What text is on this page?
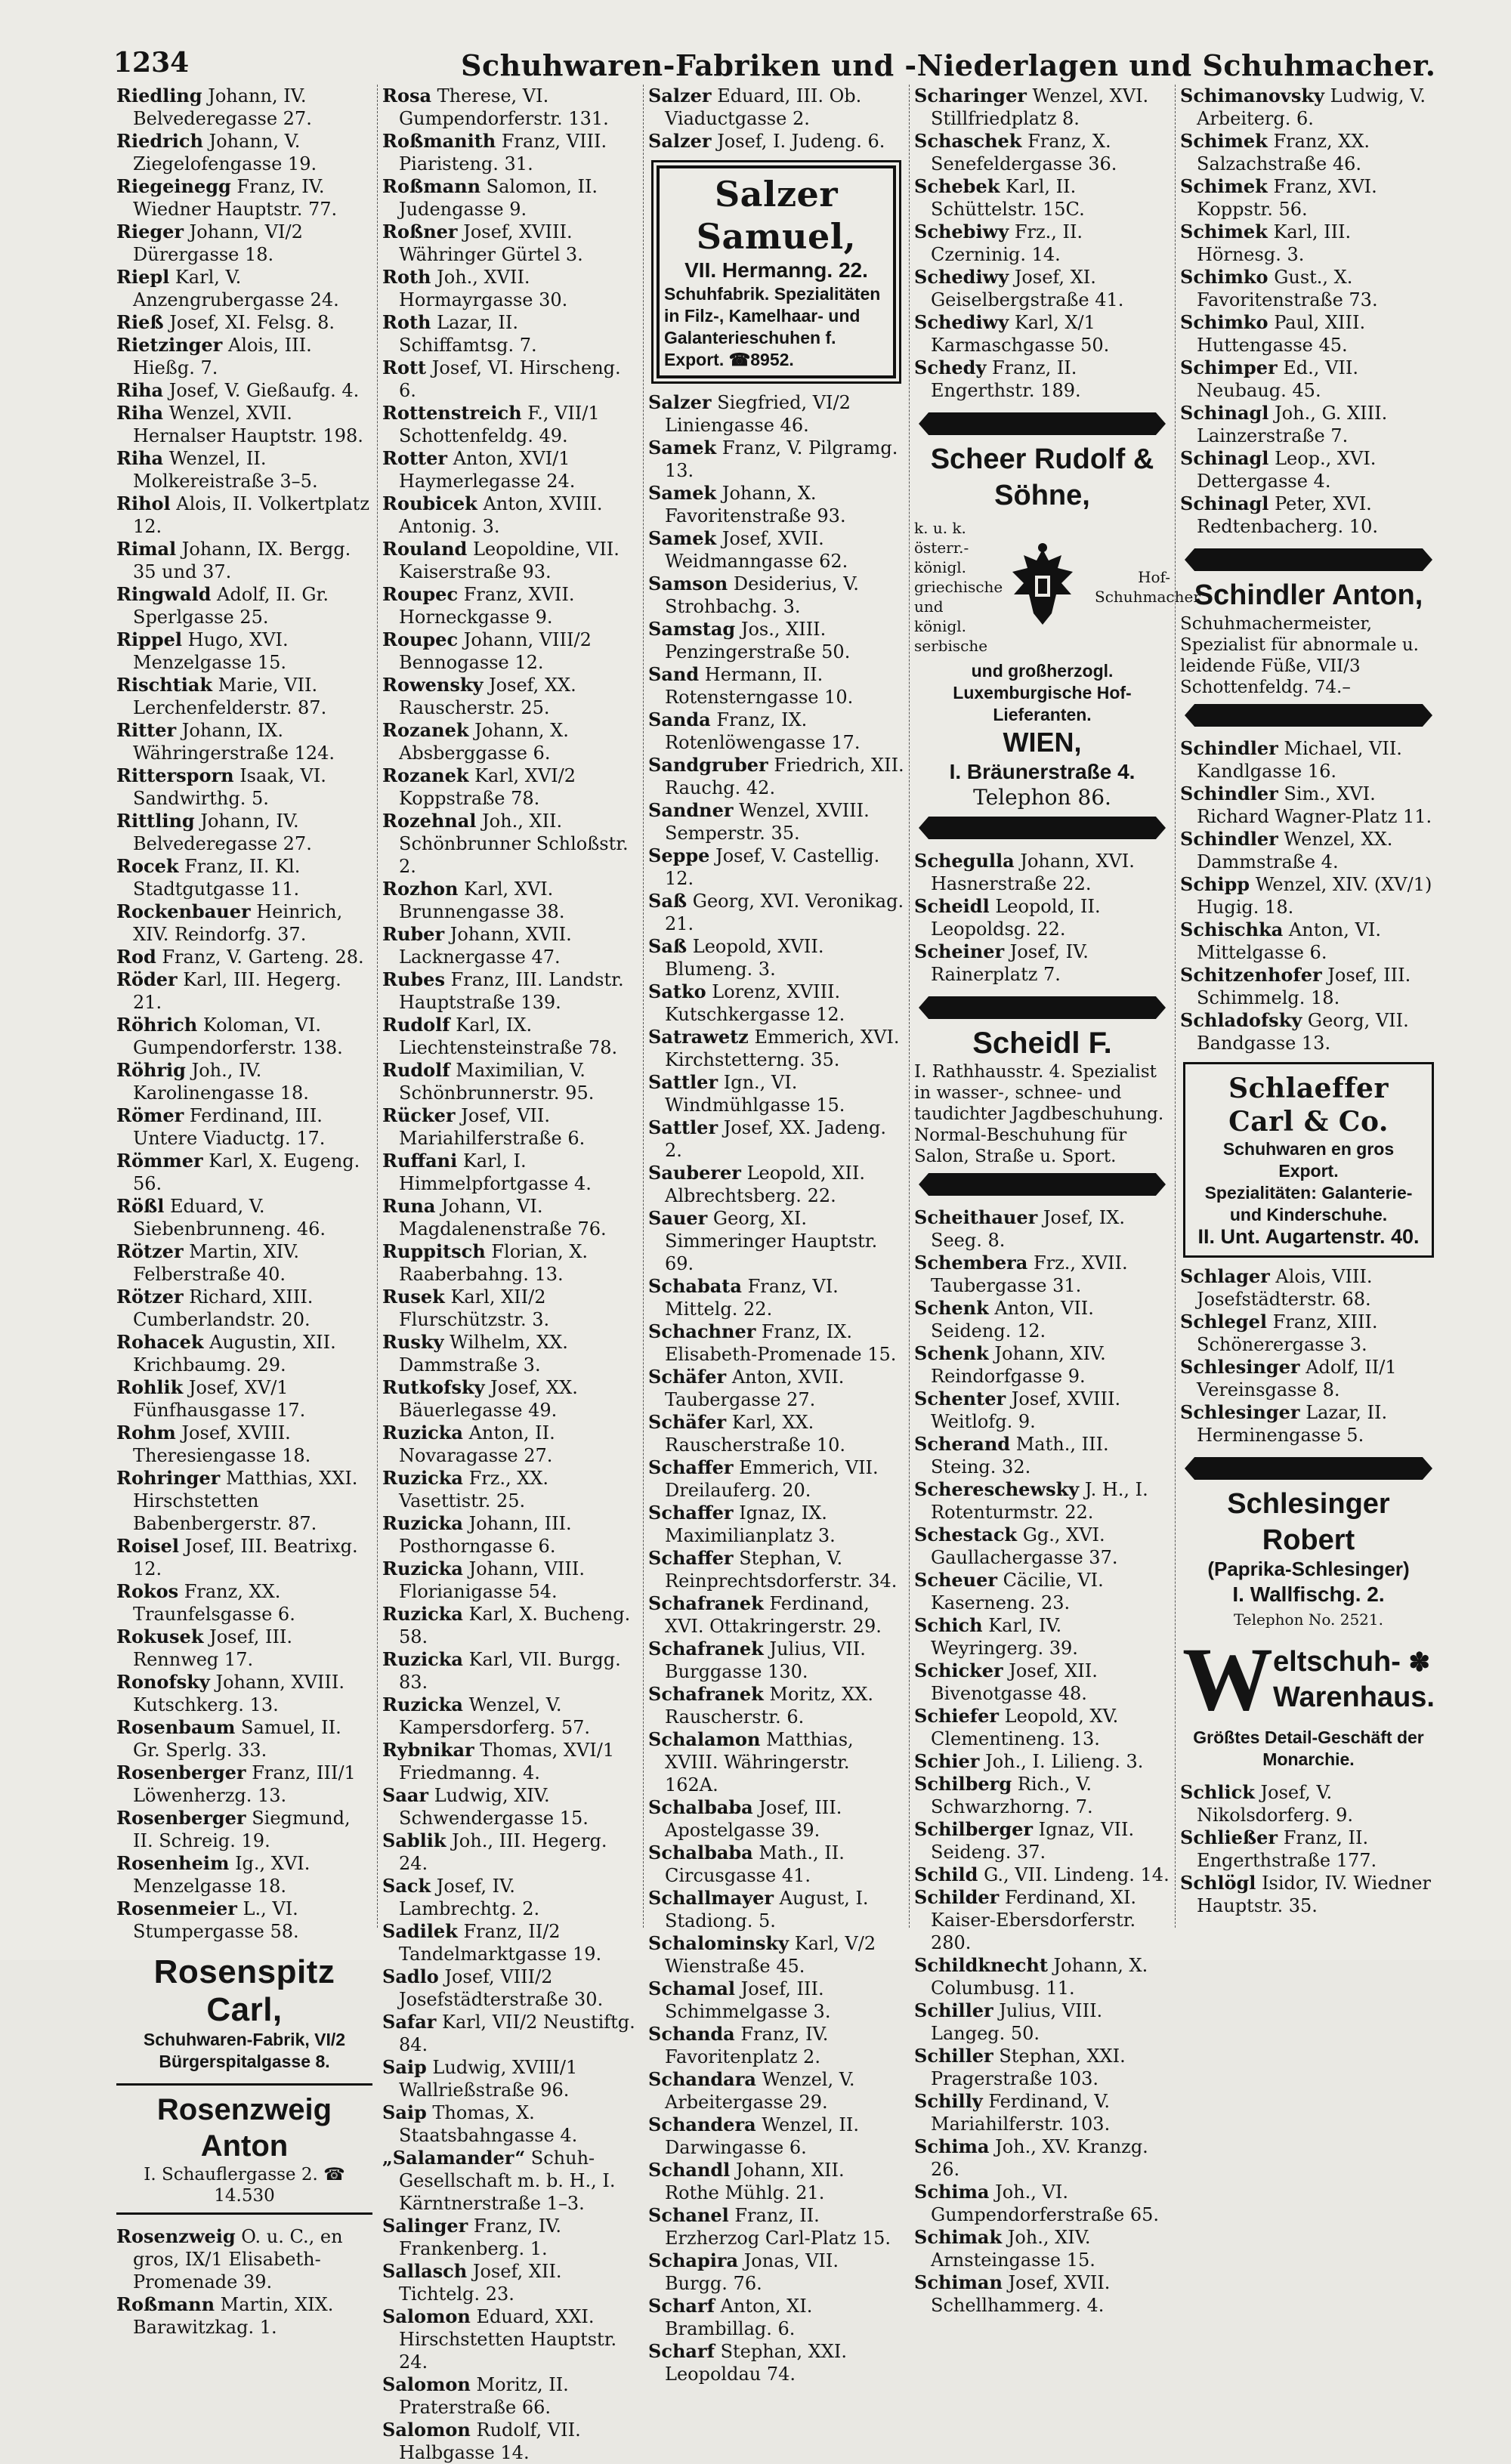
1234	Schuhwaren-Fabriken und -Niederlagen und Schuhmacher.

Riedling Johann, IV. Belvederegasse 27.

Riedrich Johann, V. Ziegelofengasse 19.

Riegeinegg Franz, IV. Wiedner Hauptstr. 77.

Rieger Johann, VI/2 Dürergasse 18.

Riepl Karl, V. Anzengrubergasse 24.

Rieß Josef, XI. Felsg. 8.

Rietzinger Alois, III. Hießg. 7.

Riha Josef, V. Gießaufg. 4.

Riha Wenzel, XVII. Hernalser Hauptstr. 198.

Riha Wenzel, II. Molkereistraße 3–5.

Rihol Alois, II. Volkertplatz 12.

Rimal Johann, IX. Bergg. 35 und 37.

Ringwald Adolf, II. Gr. Sperlgasse 25.

Rippel Hugo, XVI. Menzelgasse 15.

Rischtiak Marie, VII. Lerchenfelderstr. 87.

Ritter Johann, IX. Währingerstraße 124.

Rittersporn Isaak, VI. Sandwirthg. 5.

Rittling Johann, IV. Belvederegasse 27.

Rocek Franz, II. Kl. Stadtgutgasse 11.

Rockenbauer Heinrich, XIV. Reindorfg. 37.

Rod Franz, V. Garteng. 28.

Röder Karl, III. Hegerg. 21.

Röhrich Koloman, VI. Gumpendorferstr. 138.

Röhrig Joh., IV. Karolinengasse 18.

Römer Ferdinand, III. Untere Viaductg. 17.

Römmer Karl, X. Eugeng. 56.

Rößl Eduard, V. Siebenbrunneng. 46.

Rötzer Martin, XIV. Felberstraße 40.

Rötzer Richard, XIII. Cumberlandstr. 20.

Rohacek Augustin, XII. Krichbaumg. 29.

Rohlik Josef, XV/1 Fünfhausgasse 17.

Rohm Josef, XVIII. Theresiengasse 18.

Rohringer Matthias, XXI. Hirschstetten Babenbergerstr. 87.

Roisel Josef, III. Beatrixg. 12.

Rokos Franz, XX. Traunfelsgasse 6.

Rokusek Josef, III. Rennweg 17.

Ronofsky Johann, XVIII. Kutschkerg. 13.

Rosenbaum Samuel, II. Gr. Sperlg. 33.

Rosenberger Franz, III/1 Löwenherzg. 13.

Rosenberger Siegmund, II. Schreig. 19.

Rosenheim Ig., XVI. Menzelgasse 18.

Rosenmeier L., VI. Stumpergasse 58.

Rosenspitz Carl,
Schuhwaren-Fabrik, VI/2
Bürgerspitalgasse 8.
Rosenzweig Anton
I. Schauflergasse 2. ☎ 14.530

Rosenzweig O. u. C., en gros, IX/1 Elisabeth-Promenade 39.

Roßmann Martin, XIX. Barawitzkag. 1.

Rosa Therese, VI. Gumpendorferstr. 131.

Roßmanith Franz, VIII. Piaristeng. 31.

Roßmann Salomon, II. Judengasse 9.

Roßner Josef, XVIII. Währinger Gürtel 3.

Roth Joh., XVII. Hormayrgasse 30.

Roth Lazar, II. Schiffamtsg. 7.

Rott Josef, VI. Hirscheng. 6.

Rottenstreich F., VII/1 Schottenfeldg. 49.

Rotter Anton, XVI/1 Haymerlegasse 24.

Roubicek Anton, XVIII. Antonig. 3.

Rouland Leopoldine, VII. Kaiserstraße 93.

Roupec Franz, XVII. Horneckgasse 9.

Roupec Johann, VIII/2 Bennogasse 12.

Rowensky Josef, XX. Rauscherstr. 25.

Rozanek Johann, X. Absberggasse 6.

Rozanek Karl, XVI/2 Koppstraße 78.

Rozehnal Joh., XII. Schönbrunner Schloßstr. 2.

Rozhon Karl, XVI. Brunnengasse 38.

Ruber Johann, XVII. Lacknergasse 47.

Rubes Franz, III. Landstr. Hauptstraße 139.

Rudolf Karl, IX. Liechtensteinstraße 78.

Rudolf Maximilian, V. Schönbrunnerstr. 95.

Rücker Josef, VII. Mariahilferstraße 6.

Ruffani Karl, I. Himmelpfortgasse 4.

Runa Johann, VI. Magdalenenstraße 76.

Ruppitsch Florian, X. Raaberbahng. 13.

Rusek Karl, XII/2 Flurschützstr. 3.

Rusky Wilhelm, XX. Dammstraße 3.

Rutkofsky Josef, XX. Bäuerlegasse 49.

Ruzicka Anton, II. Novaragasse 27.

Ruzicka Frz., XX. Vasettistr. 25.

Ruzicka Johann, III. Posthorngasse 6.

Ruzicka Johann, VIII. Florianigasse 54.

Ruzicka Karl, X. Bucheng. 58.

Ruzicka Karl, VII. Burgg. 83.

Ruzicka Wenzel, V. Kampersdorferg. 57.

Rybnikar Thomas, XVI/1 Friedmanng. 4.

Saar Ludwig, XIV. Schwendergasse 15.

Sablik Joh., III. Hegerg. 24.

Sack Josef, IV. Lambrechtg. 2.

Sadilek Franz, II/2 Tandelmarktgasse 19.

Sadlo Josef, VIII/2 Josefstädterstraße 30.

Safar Karl, VII/2 Neustiftg. 84.

Saip Ludwig, XVIII/1 Wallrießstraße 96.

Saip Thomas, X. Staatsbahngasse 4.

„Salamander“ Schuh-Gesellschaft m. b. H., I. Kärntnerstraße 1–3.

Salinger Franz, IV. Frankenberg. 1.

Sallasch Josef, XII. Tichtelg. 23.

Salomon Eduard, XXI. Hirschstetten Hauptstr. 24.

Salomon Moritz, II. Praterstraße 66.

Salomon Rudolf, VII. Halbgasse 14.

Salzer Eduard, III. Ob. Viaductgasse 2.

Salzer Josef, I. Judeng. 6.

Salzer Samuel,
VII. Hermanng. 22.
Schuhfabrik. Spezialitäten in Filz-, Kamelhaar- und Galanterieschuhen f. Export. ☎8952.

Salzer Siegfried, VI/2 Liniengasse 46.

Samek Franz, V. Pilgramg. 13.

Samek Johann, X. Favoritenstraße 93.

Samek Josef, XVII. Weidmanngasse 62.

Samson Desiderius, V. Strohbachg. 3.

Samstag Jos., XIII. Penzingerstraße 50.

Sand Hermann, II. Rotensterngasse 10.

Sanda Franz, IX. Rotenlöwengasse 17.

Sandgruber Friedrich, XII. Rauchg. 42.

Sandner Wenzel, XVIII. Semperstr. 35.

Seppe Josef, V. Castellig. 12.

Saß Georg, XVI. Veronikag. 21.

Saß Leopold, XVII. Blumeng. 3.

Satko Lorenz, XVIII. Kutschkergasse 12.

Satrawetz Emmerich, XVI. Kirchstetterng. 35.

Sattler Ign., VI. Windmühlgasse 15.

Sattler Josef, XX. Jadeng. 2.

Sauberer Leopold, XII. Albrechtsberg. 22.

Sauer Georg, XI. Simmeringer Hauptstr. 69.

Schabata Franz, VI. Mittelg. 22.

Schachner Franz, IX. Elisabeth-Promenade 15.

Schäfer Anton, XVII. Taubergasse 27.

Schäfer Karl, XX. Rauscherstraße 10.

Schaffer Emmerich, VII. Dreilauferg. 20.

Schaffer Ignaz, IX. Maximilianplatz 3.

Schaffer Stephan, V. Reinprechtsdorferstr. 34.

Schafranek Ferdinand, XVI. Ottakringerstr. 29.

Schafranek Julius, VII. Burggasse 130.

Schafranek Moritz, XX. Rauscherstr. 6.

Schalamon Matthias, XVIII. Währingerstr. 162A.

Schalbaba Josef, III. Apostelgasse 39.

Schalbaba Math., II. Circusgasse 41.

Schallmayer August, I. Stadiong. 5.

Schalominsky Karl, V/2 Wienstraße 45.

Schamal Josef, III. Schimmelgasse 3.

Schanda Franz, IV. Favoritenplatz 2.

Schandara Wenzel, V. Arbeitergasse 29.

Schandera Wenzel, II. Darwingasse 6.

Schandl Johann, XII. Rothe Mühlg. 21.

Schanel Franz, II. Erzherzog Carl-Platz 15.

Schapira Jonas, VII. Burgg. 76.

Scharf Anton, XI. Brambillag. 6.

Scharf Stephan, XXI. Leopoldau 74.

Scharinger Wenzel, XVI. Stillfriedplatz 8.

Schaschek Franz, X. Senefeldergasse 36.

Schebek Karl, II. Schüttelstr. 15C.

Schebiwy Frz., II. Czerninig. 14.

Schediwy Josef, XI. Geiselbergstraße 41.

Schediwy Karl, X/1 Karmaschgasse 50.

Schedy Franz, II. Engerthstr. 189.

Scheer Rudolf & Söhne,
k. u. k. österr.-königl. griechische und königl. serbische
Hof-Schuhmacher
und großherzogl. Luxemburgische Hof-Lieferanten.
WIEN,
I. Bräunerstraße 4.
Telephon 86.

Schegulla Johann, XVI. Hasnerstraße 22.

Scheidl Leopold, II. Leopoldsg. 22.

Scheiner Josef, IV. Rainerplatz 7.

Scheidl F.
I. Rathhausstr. 4. Spezialist in wasser-, schnee- und taudichter Jagdbeschuhung. Normal-Beschuhung für Salon, Straße u. Sport.

Scheithauer Josef, IX. Seeg. 8.

Schembera Frz., XVII. Taubergasse 31.

Schenk Anton, VII. Seideng. 12.

Schenk Johann, XIV. Reindorfgasse 9.

Schenter Josef, XVIII. Weitlofg. 9.

Scherand Math., III. Steing. 32.

Schereschewsky J. H., I. Rotenturmstr. 22.

Schestack Gg., XVI. Gaullachergasse 37.

Scheuer Cäcilie, VI. Kaserneng. 23.

Schich Karl, IV. Weyringerg. 39.

Schicker Josef, XII. Bivenotgasse 48.

Schiefer Leopold, XV. Clementineng. 13.

Schier Joh., I. Lilieng. 3.

Schilberg Rich., V. Schwarzhorng. 7.

Schilberger Ignaz, VII. Seideng. 37.

Schild G., VII. Lindeng. 14.

Schilder Ferdinand, XI. Kaiser-Ebersdorferstr. 280.

Schildknecht Johann, X. Columbusg. 11.

Schiller Julius, VIII. Langeg. 50.

Schiller Stephan, XXI. Pragerstraße 103.

Schilly Ferdinand, V. Mariahilferstr. 103.

Schima Joh., XV. Kranzg. 26.

Schima Joh., VI. Gumpendorferstraße 65.

Schimak Joh., XIV. Arnsteingasse 15.

Schiman Josef, XVII. Schellhammerg. 4.

Schimanovsky Ludwig, V. Arbeiterg. 6.

Schimek Franz, XX. Salzachstraße 46.

Schimek Franz, XVI. Koppstr. 56.

Schimek Karl, III. Hörnesg. 3.

Schimko Gust., X. Favoritenstraße 73.

Schimko Paul, XIII. Huttengasse 45.

Schimper Ed., VII. Neubaug. 45.

Schinagl Joh., G. XIII. Lainzerstraße 7.

Schinagl Leop., XVI. Dettergasse 4.

Schinagl Peter, XVI. Redtenbacherg. 10.

Schindler Anton,
Schuhmachermeister, Spezialist für abnormale u. leidende Füße, VII/3 Schottenfeldg. 74.–

Schindler Michael, VII. Kandlgasse 16.

Schindler Sim., XVI. Richard Wagner-Platz 11.

Schindler Wenzel, XX. Dammstraße 4.

Schipp Wenzel, XIV. (XV/1) Hugig. 18.

Schischka Anton, VI. Mittelgasse 6.

Schitzenhofer Josef, III. Schimmelg. 18.

Schladofsky Georg, VII. Bandgasse 13.

Schlaeffer Carl & Co.
Schuhwaren en gros Export.
Spezialitäten: Galanterie- und Kinderschuhe.
II. Unt. Augartenstr. 40.

Schlager Alois, VIII. Josefstädterstr. 68.

Schlegel Franz, XIII. Schönerergasse 3.

Schlesinger Adolf, II/1 Vereinsgasse 8.

Schlesinger Lazar, II. Herminengasse 5.

Schlesinger Robert
(Paprika-Schlesinger)
I. Wallfischg. 2.
Telephon No. 2521.
W eltschuh- ✽
Warenhaus.
Größtes Detail-Geschäft der Monarchie.

Schlick Josef, V. Nikolsdorferg. 9.

Schließer Franz, II. Engerthstraße 177.

Schlögl Isidor, IV. Wiedner Hauptstr. 35.
